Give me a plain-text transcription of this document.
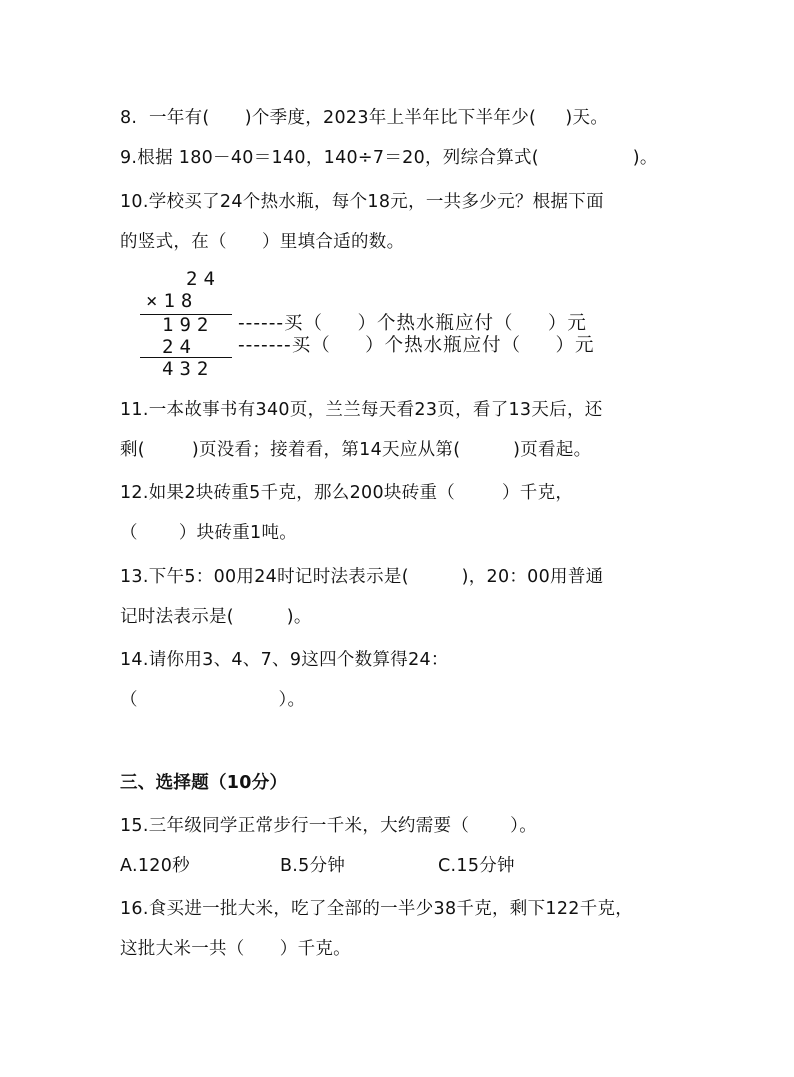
8.  一年有(      )个季度，2023年上半年比下半年少(     )天。
9.根据 180－40＝140，140÷7＝20，列综合算式(                )。
10.学校买了24个热水瓶，每个18元，一共多少元？根据下面
的竖式，在（      ）里填合适的数。
24
×18
192 ------买（     ）个热水瓶应付（     ）元
24 -------买（     ）个热水瓶应付（     ）元
432
11.一本故事书有340页，兰兰每天看23页，看了13天后，还
剩(        )页没看；接着看，第14天应从第(         )页看起。
12.如果2块砖重5千克，那么200块砖重（        ）千克，
（       ）块砖重1吨。
13.下午5：00用24时记时法表示是(         )，20：00用普通
记时法表示是(         )。
14.请你用3、4、7、9这四个数算得24：
（                        ）。
三、选择题（10分）
15.三年级同学正常步行一千米，大约需要（       ）。
A.120秒	B.5分钟	C.15分钟
16.食买进一批大米，吃了全部的一半少38千克，剩下122千克，
这批大米一共（      ）千克。
